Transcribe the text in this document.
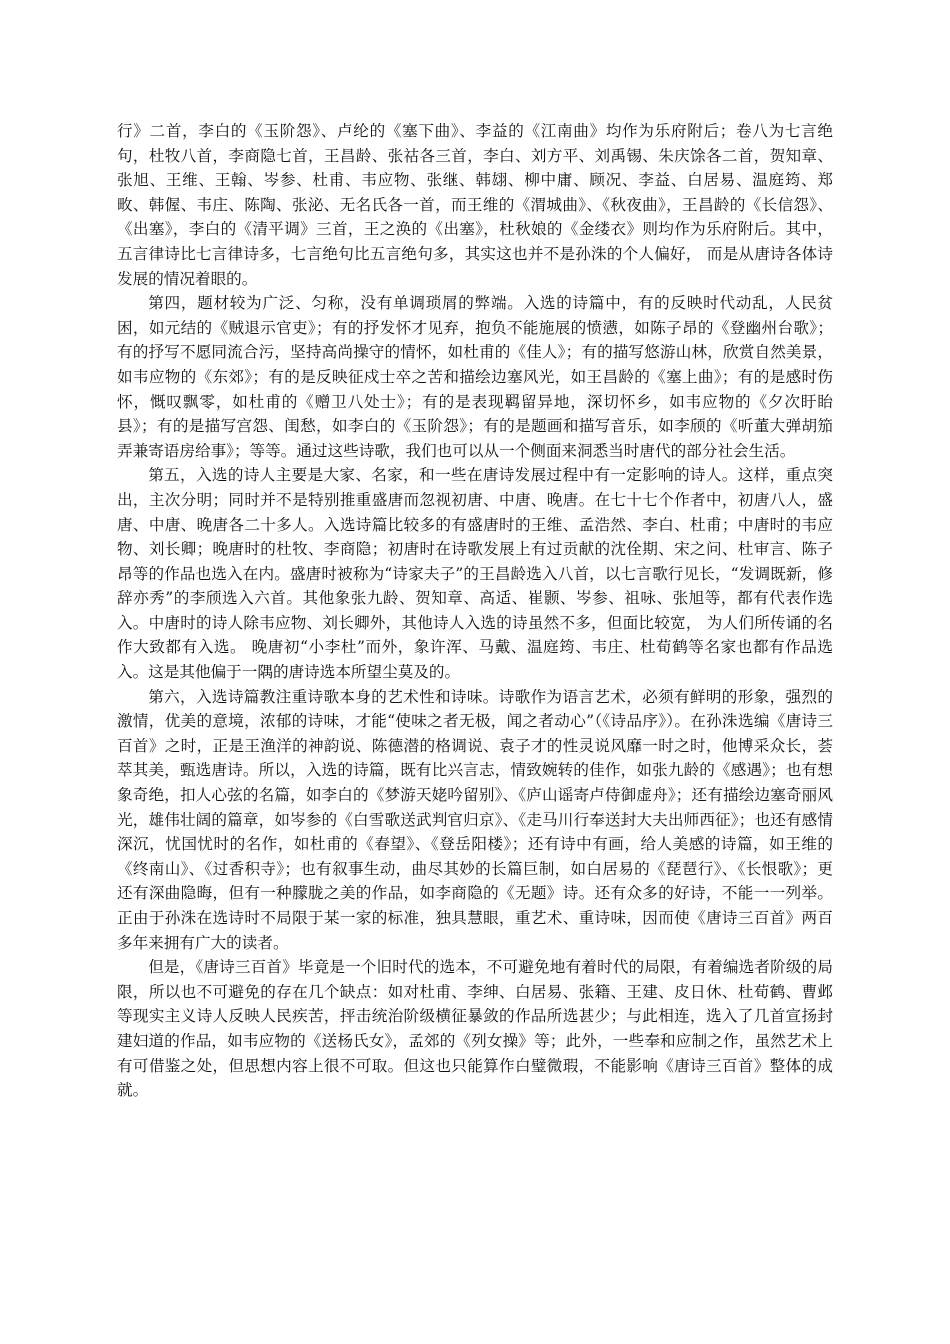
行》二首，李白的《玉阶怨》、卢纶的《塞下曲》、李益的《江南曲》均作为乐府附后；卷八为七言绝句，杜牧八首，李商隐七首，王昌龄、张祜各三首，李白、刘方平、刘禹锡、朱庆馀各二首，贺知章、张旭、王维、王翰、岑参、杜甫、韦应物、张继、韩翃、柳中庸、顾况、李益、白居易、温庭筠、郑畋、韩偓、韦庄、陈陶、张泌、无名氏各一首，而王维的《渭城曲》、《秋夜曲》，王昌龄的《长信怨》、《出塞》，李白的《清平调》三首，王之涣的《出塞》，杜秋娘的《金缕衣》则均作为乐府附后。其中，五言律诗比七言律诗多，七言绝句比五言绝句多，其实这也并不是孙洙的个人偏好， 而是从唐诗各体诗发展的情况着眼的。

第四，题材较为广泛、匀称，没有单调琐屑的弊端。入选的诗篇中，有的反映时代动乱，人民贫困，如元结的《贼退示官吏》；有的抒发怀才见弃，抱负不能施展的愤懑，如陈子昂的《登幽州台歌》；有的抒写不愿同流合污，坚持高尚操守的情怀，如杜甫的《佳人》；有的描写悠游山林，欣赏自然美景，如韦应物的《东郊》；有的是反映征戍士卒之苦和描绘边塞风光，如王昌龄的《塞上曲》；有的是感时伤怀，慨叹飘零，如杜甫的《赠卫八处士》；有的是表现羁留异地，深切怀乡，如韦应物的《夕次盱眙县》；有的是描写宫怨、闺愁，如李白的《玉阶怨》；有的是题画和描写音乐，如李颀的《听董大弹胡笳弄兼寄语房给事》；等等。通过这些诗歌，我们也可以从一个侧面来洞悉当时唐代的部分社会生活。

第五，入选的诗人主要是大家、名家，和一些在唐诗发展过程中有一定影响的诗人。这样，重点突出，主次分明；同时并不是特别推重盛唐而忽视初唐、中唐、晚唐。在七十七个作者中，初唐八人，盛唐、中唐、晚唐各二十多人。入选诗篇比较多的有盛唐时的王维、孟浩然、李白、杜甫；中唐时的韦应物、刘长卿；晚唐时的杜牧、李商隐；初唐时在诗歌发展上有过贡献的沈佺期、宋之问、杜审言、陈子昂等的作品也选入在内。盛唐时被称为“诗家夫子”的王昌龄选入八首，以七言歌行见长，“发调既新，修辞亦秀”的李颀选入六首。其他象张九龄、贺知章、高适、崔颢、岑参、祖咏、张旭等，都有代表作选入。中唐时的诗人除韦应物、刘长卿外，其他诗人入选的诗虽然不多，但面比较宽， 为人们所传诵的名作大致都有入选。 晚唐初“小李杜”而外，象许浑、马戴、温庭筠、韦庄、杜荀鹤等名家也都有作品选入。这是其他偏于一隅的唐诗选本所望尘莫及的。

第六，入选诗篇教注重诗歌本身的艺术性和诗味。诗歌作为语言艺术，必须有鲜明的形象，强烈的激情，优美的意境，浓郁的诗味，才能“使味之者无极，闻之者动心”（《诗品序》）。在孙洙选编《唐诗三百首》之时，正是王渔洋的神韵说、陈德潜的格调说、袁子才的性灵说风靡一时之时，他博采众长，荟萃其美，甄选唐诗。所以，入选的诗篇，既有比兴言志，情致婉转的佳作，如张九龄的《感遇》；也有想象奇绝，扣人心弦的名篇，如李白的《梦游天姥吟留别》、《庐山谣寄卢侍御虚舟》；还有描绘边塞奇丽风光，雄伟壮阔的篇章，如岑参的《白雪歌送武判官归京》、《走马川行奉送封大夫出师西征》；也还有感情深沉，忧国忧时的名作，如杜甫的《春望》、《登岳阳楼》；还有诗中有画，给人美感的诗篇，如王维的《终南山》、《过香积寺》；也有叙事生动，曲尽其妙的长篇巨制，如白居易的《琵琶行》、《长恨歌》；更还有深曲隐晦，但有一种朦胧之美的作品，如李商隐的《无题》诗。还有众多的好诗，不能一一列举。正由于孙洙在选诗时不局限于某一家的标准，独具慧眼，重艺术、重诗味，因而使《唐诗三百首》两百多年来拥有广大的读者。

但是，《唐诗三百首》毕竟是一个旧时代的选本，不可避免地有着时代的局限，有着编选者阶级的局限，所以也不可避免的存在几个缺点：如对杜甫、李绅、白居易、张籍、王建、皮日休、杜荀鹤、曹邺等现实主义诗人反映人民疾苦，抨击统治阶级横征暴敛的作品所选甚少；与此相连，选入了几首宣扬封建妇道的作品，如韦应物的《送杨氏女》，孟郊的《列女操》等；此外，一些奉和应制之作，虽然艺术上有可借鉴之处，但思想内容上很不可取。但这也只能算作白璧微瑕，不能影响《唐诗三百首》整体的成就。
